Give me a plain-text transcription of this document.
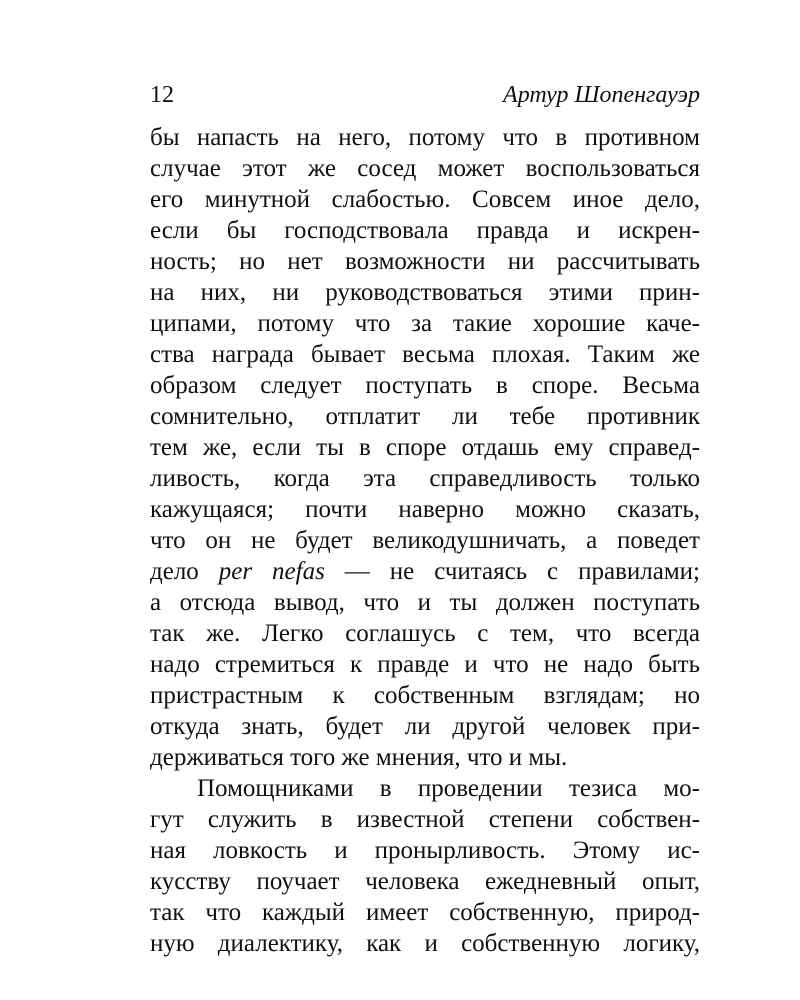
12	Артур Шопенгауэр
бы напасть на него, потому что в противном
случае этот же сосед может воспользоваться
его минутной слабостью. Совсем иное дело,
если бы господствовала правда и искрен-
ность; но нет возможности ни рассчитывать
на них, ни руководствоваться этими прин-
ципами, потому что за такие хорошие каче-
ства награда бывает весьма плохая. Таким же
образом следует поступать в споре. Весьма
сомнительно, отплатит ли тебе противник
тем же, если ты в споре отдашь ему справед-
ливость, когда эта справедливость только
кажущаяся; почти наверно можно сказать,
что он не будет великодушничать, а поведет
дело per nefas — не считаясь с правилами;
а отсюда вывод, что и ты должен поступать
так же. Легко соглашусь с тем, что всегда
надо стремиться к правде и что не надо быть
пристрастным к собственным взглядам; но
откуда знать, будет ли другой человек при-
держиваться того же мнения, что и мы.
Помощниками в проведении тезиса мо-
гут служить в известной степени собствен-
ная ловкость и пронырливость. Этому ис-
кусству поучает человека ежедневный опыт,
так что каждый имеет собственную, природ-
ную диалектику, как и собственную логику,
